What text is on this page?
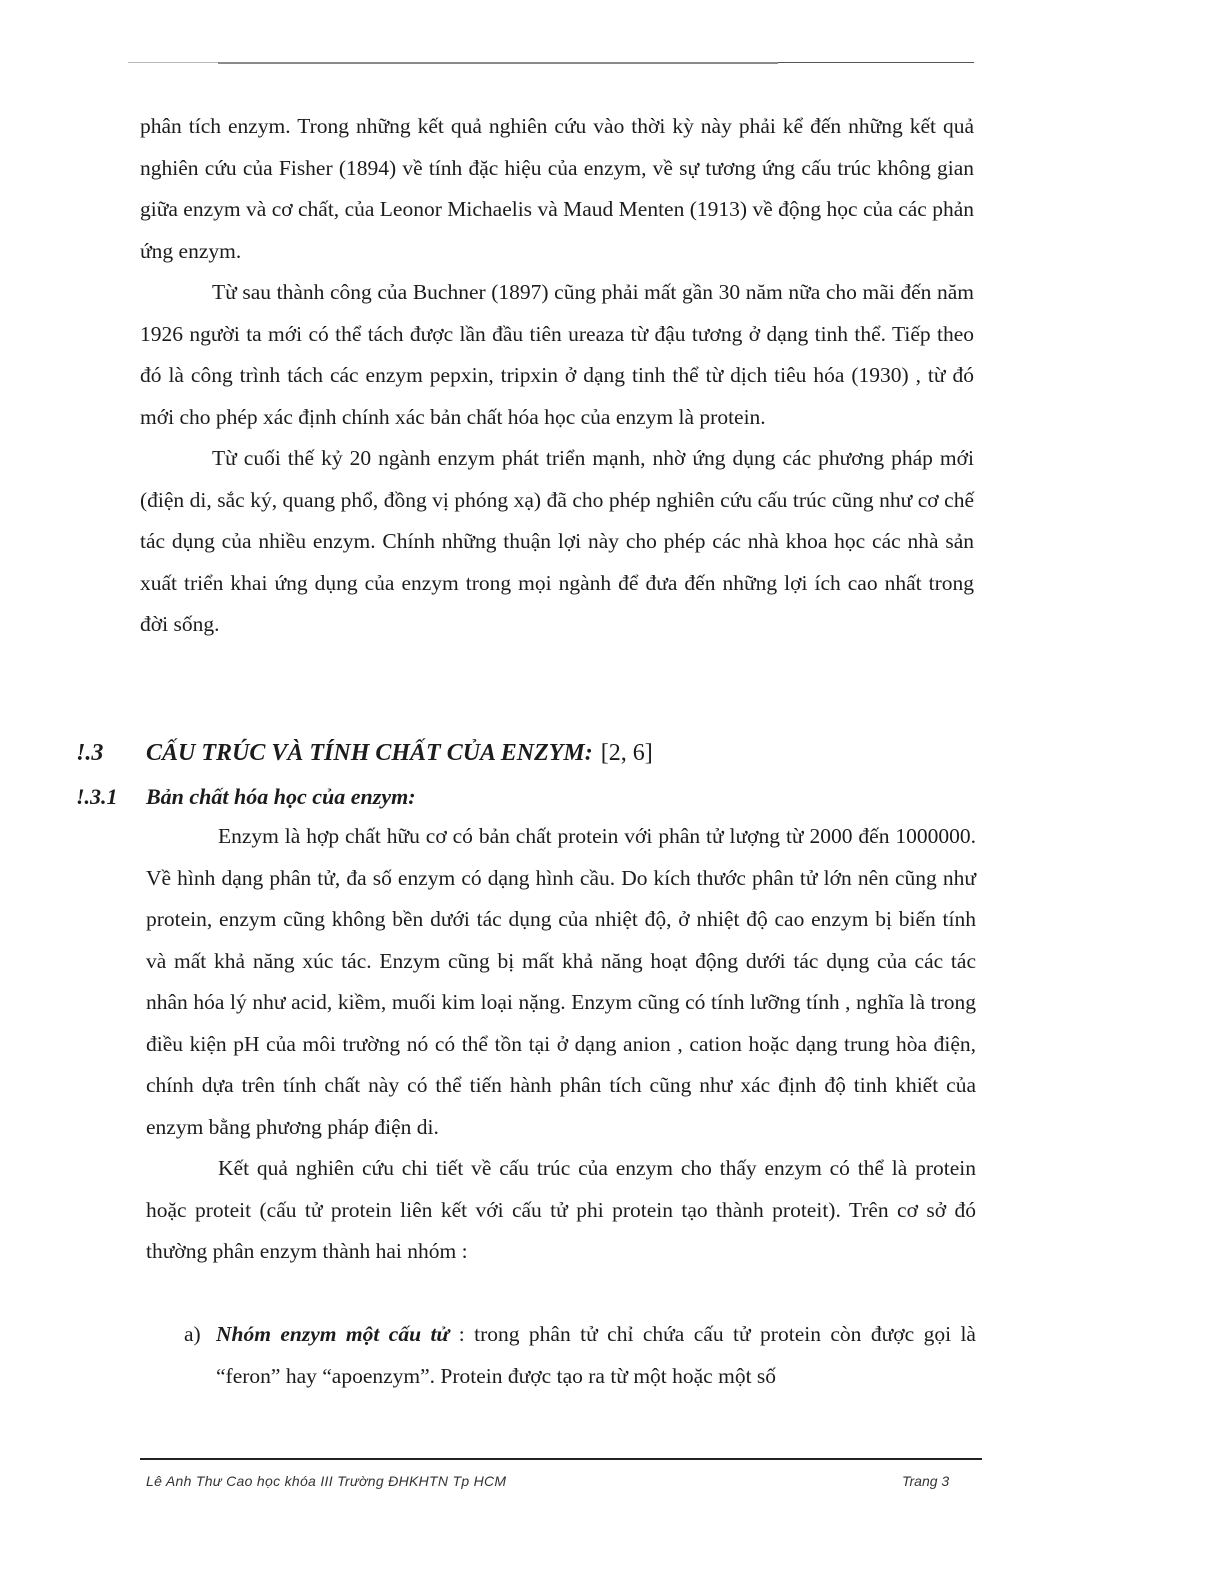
phân tích enzym. Trong những kết quả nghiên cứu vào thời kỳ này phải kể đến những kết quả nghiên cứu của Fisher (1894) về tính đặc hiệu của enzym, về sự tương ứng cấu trúc không gian giữa enzym và cơ chất, của Leonor Michaelis và Maud Menten (1913) về động học của các phản ứng enzym.

Từ sau thành công của Buchner (1897) cũng phải mất gần 30 năm nữa cho mãi đến năm 1926 người ta mới có thể tách được lần đầu tiên ureaza từ đậu tương ở dạng tinh thể. Tiếp theo đó là công trình tách các enzym pepxin, tripxin ở dạng tinh thể từ dịch tiêu hóa (1930) , từ đó mới cho phép xác định chính xác bản chất hóa học của enzym là protein.

Từ cuối thế kỷ 20 ngành enzym phát triển mạnh, nhờ ứng dụng các phương pháp mới (điện di, sắc ký, quang phổ, đồng vị phóng xạ) đã cho phép nghiên cứu cấu trúc cũng như cơ chế tác dụng của nhiều enzym. Chính những thuận lợi này cho phép các nhà khoa học các nhà sản xuất triển khai ứng dụng của enzym trong mọi ngành để đưa đến những lợi ích cao nhất trong đời sống.

!.3 CẤU TRÚC VÀ TÍNH CHẤT CỦA ENZYM: [2, 6]
!.3.1 Bản chất hóa học của enzym:

Enzym là hợp chất hữu cơ có bản chất protein với phân tử lượng từ 2000 đến 1000000. Về hình dạng phân tử, đa số enzym có dạng hình cầu. Do kích thước phân tử lớn nên cũng như protein, enzym cũng không bền dưới tác dụng của nhiệt độ, ở nhiệt độ cao enzym bị biến tính và mất khả năng xúc tác. Enzym cũng bị mất khả năng hoạt động dưới tác dụng của các tác nhân hóa lý như acid, kiềm, muối kim loại nặng. Enzym cũng có tính lưỡng tính , nghĩa là trong điều kiện pH của môi trường nó có thể tồn tại ở dạng anion , cation hoặc dạng trung hòa điện, chính dựa trên tính chất này có thể tiến hành phân tích cũng như xác định độ tinh khiết của enzym bằng phương pháp điện di.

Kết quả nghiên cứu chi tiết về cấu trúc của enzym cho thấy enzym có thể là protein hoặc proteit (cấu tử protein liên kết với cấu tử phi protein tạo thành proteit). Trên cơ sở đó thường phân enzym thành hai nhóm :

a) Nhóm enzym một cấu tử : trong phân tử chỉ chứa cấu tử protein còn được gọi là “feron” hay “apoenzym”. Protein được tạo ra từ một hoặc một số

Lê Anh Thư Cao học khóa III Trường ĐHKHTN Tp HCM	Trang 3
